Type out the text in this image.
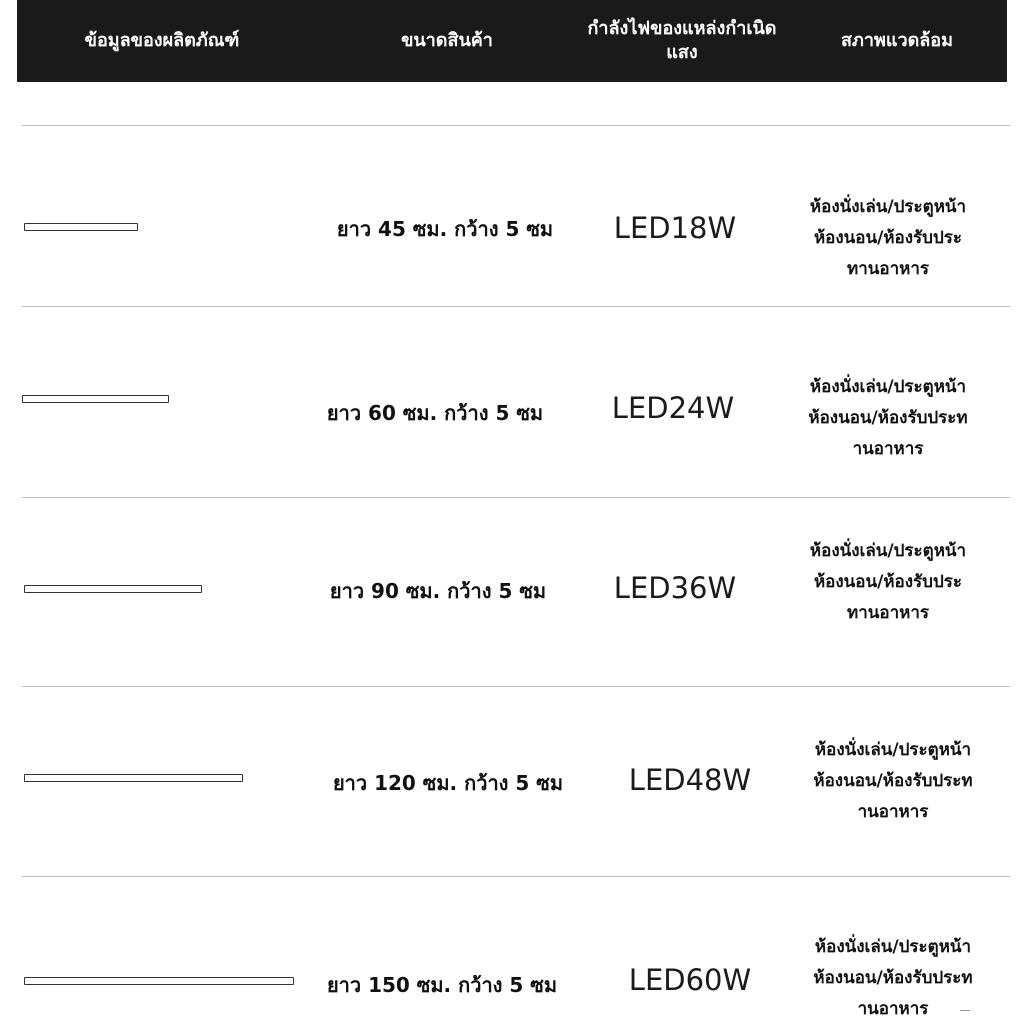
ข้อมูลของผลิตภัณฑ์	ขนาดสินค้า
กำลังไฟของแหล่งกำเนิดแสง
สภาพแวดล้อม
ยาว 45 ซม. กว้าง 5 ซม	LED18W
ห้องนั่งเล่น/ประตูหน้า
ห้องนอน/ห้องรับประ
ทานอาหาร
ยาว 60 ซม. กว้าง 5 ซม	LED24W
ห้องนั่งเล่น/ประตูหน้า
ห้องนอน/ห้องรับประท
านอาหาร
ยาว 90 ซม. กว้าง 5 ซม	LED36W
ห้องนั่งเล่น/ประตูหน้า
ห้องนอน/ห้องรับประ
ทานอาหาร
ยาว 120 ซม. กว้าง 5 ซม	LED48W
ห้องนั่งเล่น/ประตูหน้า
ห้องนอน/ห้องรับประท
านอาหาร
ยาว 150 ซม. กว้าง 5 ซม	LED60W
ห้องนั่งเล่น/ประตูหน้า
ห้องนอน/ห้องรับประท
านอาหาร
